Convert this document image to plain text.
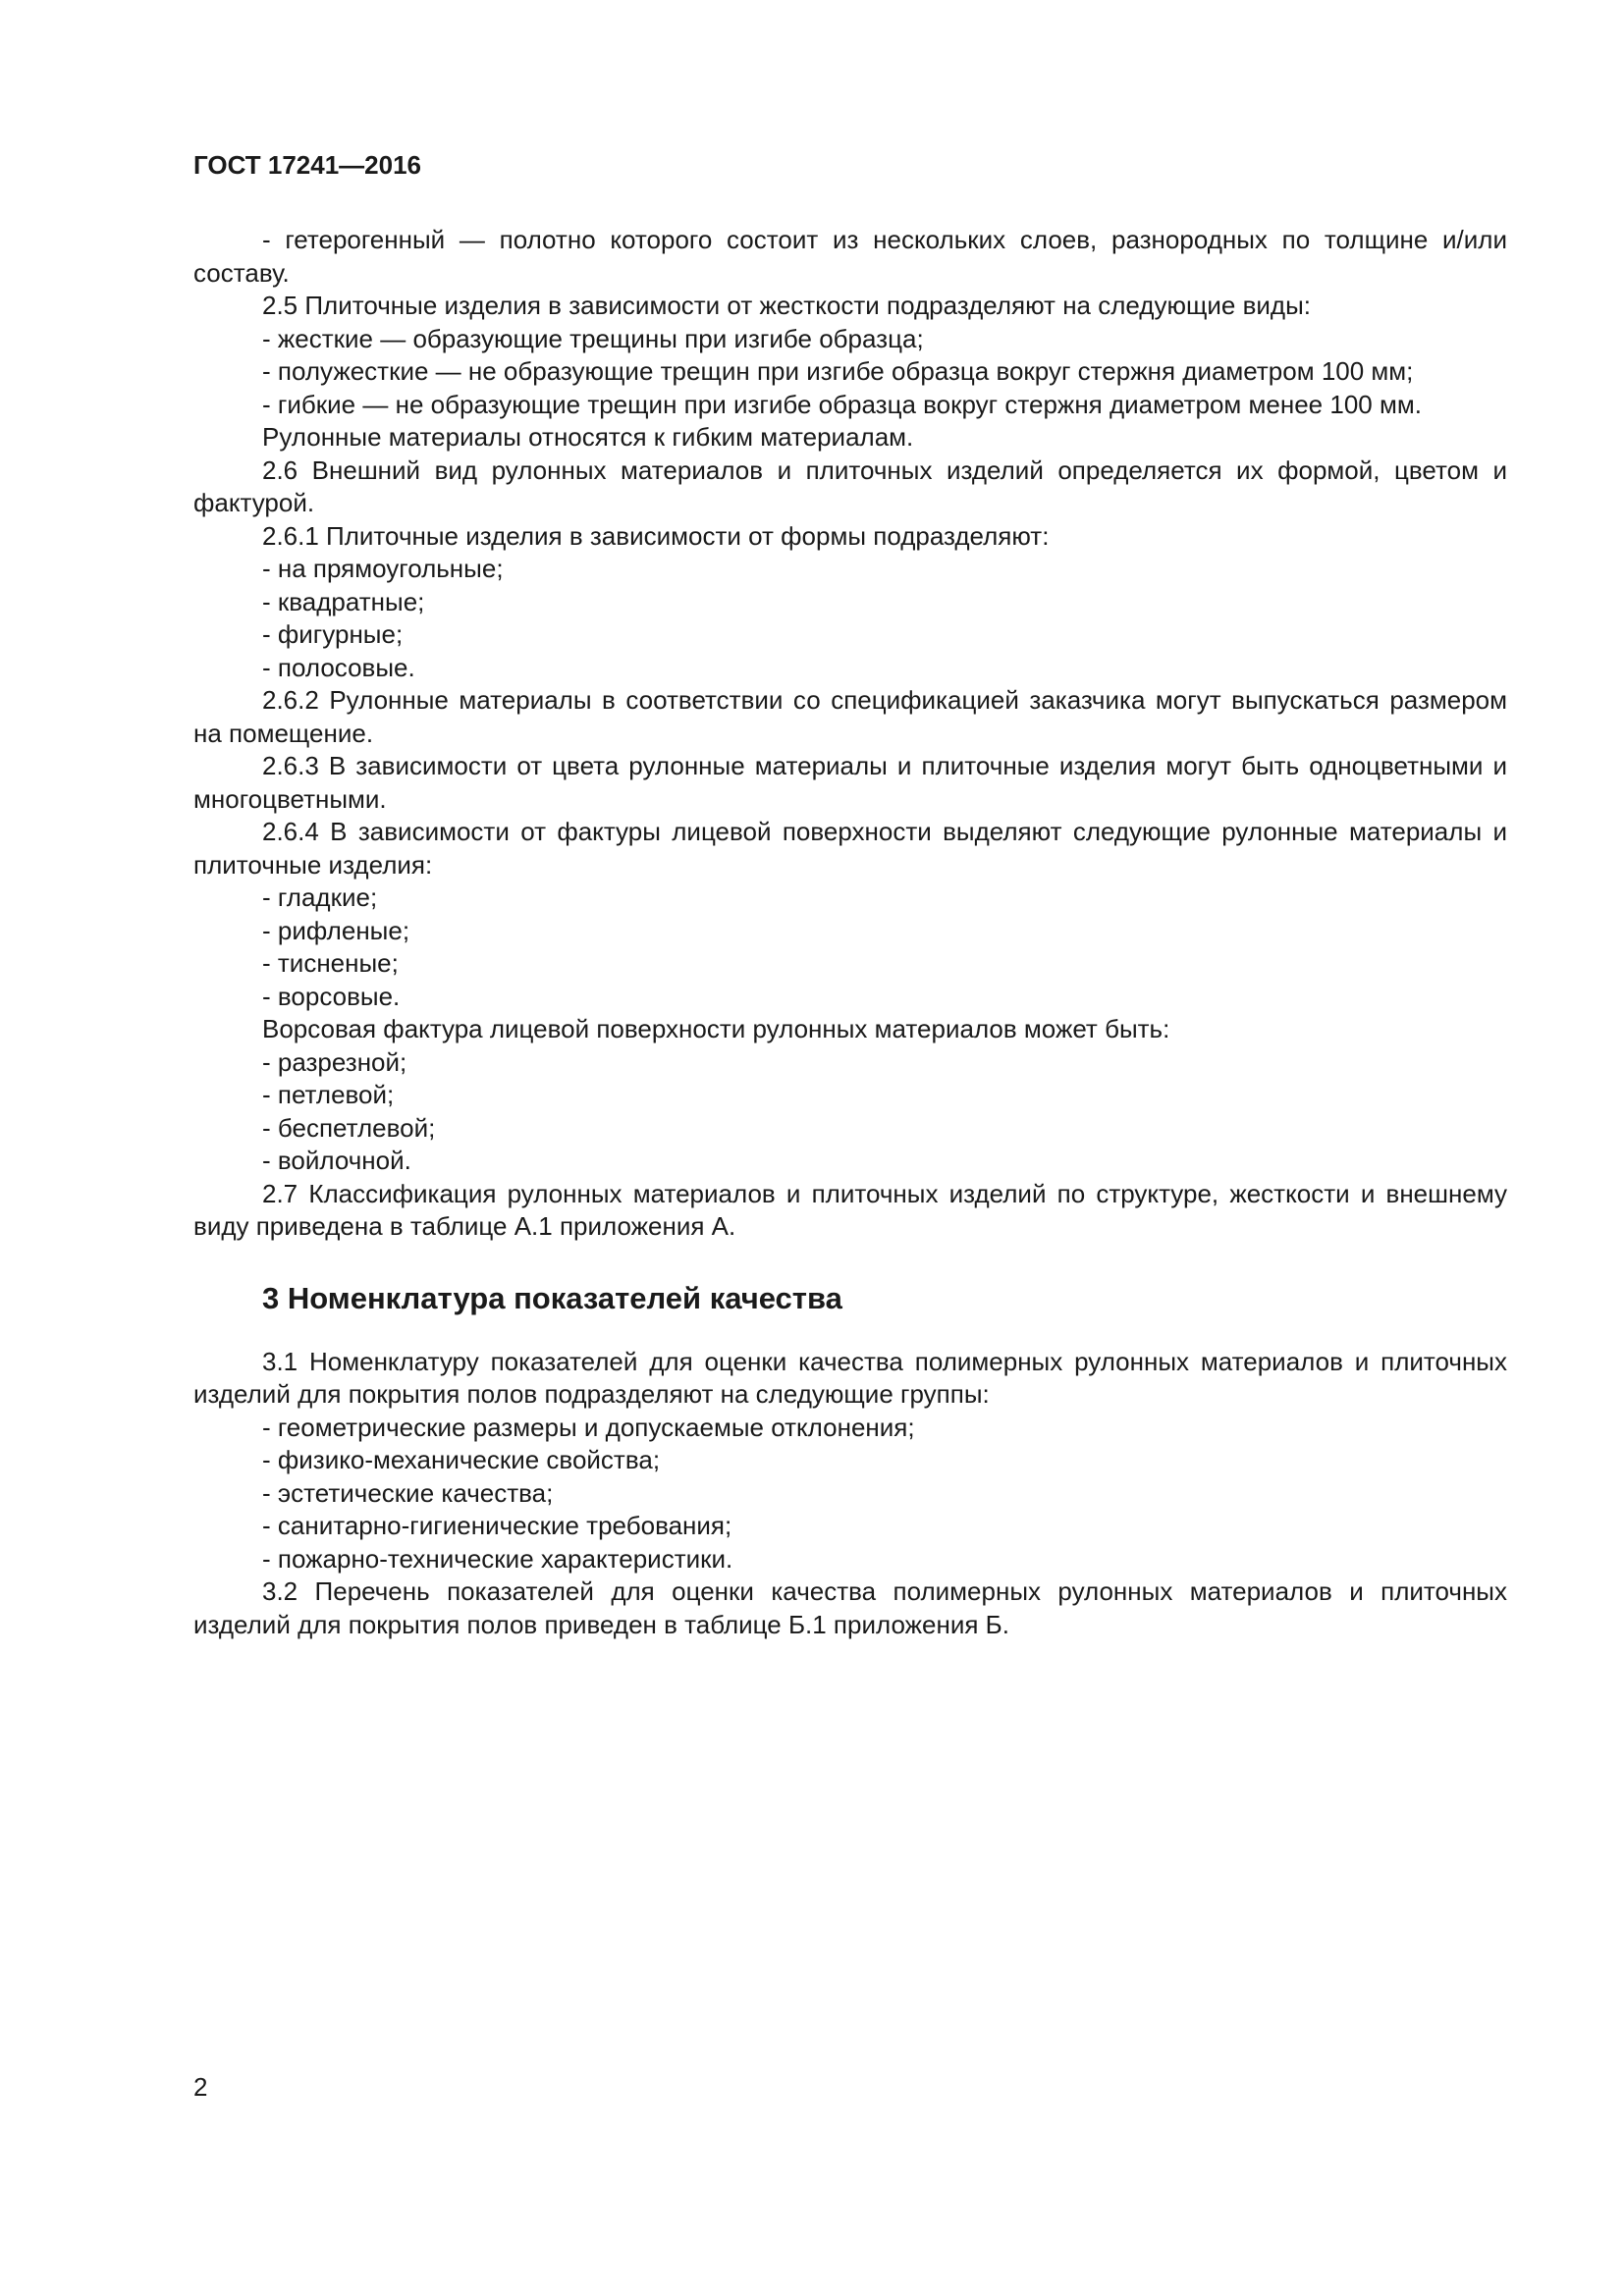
ГОСТ 17241—2016

- гетерогенный — полотно которого состоит из нескольких слоев, разнородных по толщине и/или составу.

2.5 Плиточные изделия в зависимости от жесткости подразделяют на следующие виды:

- жесткие — образующие трещины при изгибе образца;

- полужесткие — не образующие трещин при изгибе образца вокруг стержня диаметром 100 мм;

- гибкие — не образующие трещин при изгибе образца вокруг стержня диаметром менее 100 мм.

Рулонные материалы относятся к гибким материалам.

2.6 Внешний вид рулонных материалов и плиточных изделий определяется их формой, цветом и фактурой.

2.6.1 Плиточные изделия в зависимости от формы подразделяют:

- на прямоугольные;

- квадратные;

- фигурные;

- полосовые.

2.6.2 Рулонные материалы в соответствии со спецификацией заказчика могут выпускаться размером на помещение.

2.6.3 В зависимости от цвета рулонные материалы и плиточные изделия могут быть одноцветными и многоцветными.

2.6.4 В зависимости от фактуры лицевой поверхности выделяют следующие рулонные материалы и плиточные изделия:

- гладкие;

- рифленые;

- тисненые;

- ворсовые.

Ворсовая фактура лицевой поверхности рулонных материалов может быть:

- разрезной;

- петлевой;

- беспетлевой;

- войлочной.

2.7 Классификация рулонных материалов и плиточных изделий по структуре, жесткости и внешнему виду приведена в таблице А.1 приложения А.

3 Номенклатура показателей качества

3.1 Номенклатуру показателей для оценки качества полимерных рулонных материалов и плиточных изделий для покрытия полов подразделяют на следующие группы:

- геометрические размеры и допускаемые отклонения;

- физико-механические свойства;

- эстетические качества;

- санитарно-гигиенические требования;

- пожарно-технические характеристики.

3.2 Перечень показателей для оценки качества полимерных рулонных материалов и плиточных изделий для покрытия полов приведен в таблице Б.1 приложения Б.

2
